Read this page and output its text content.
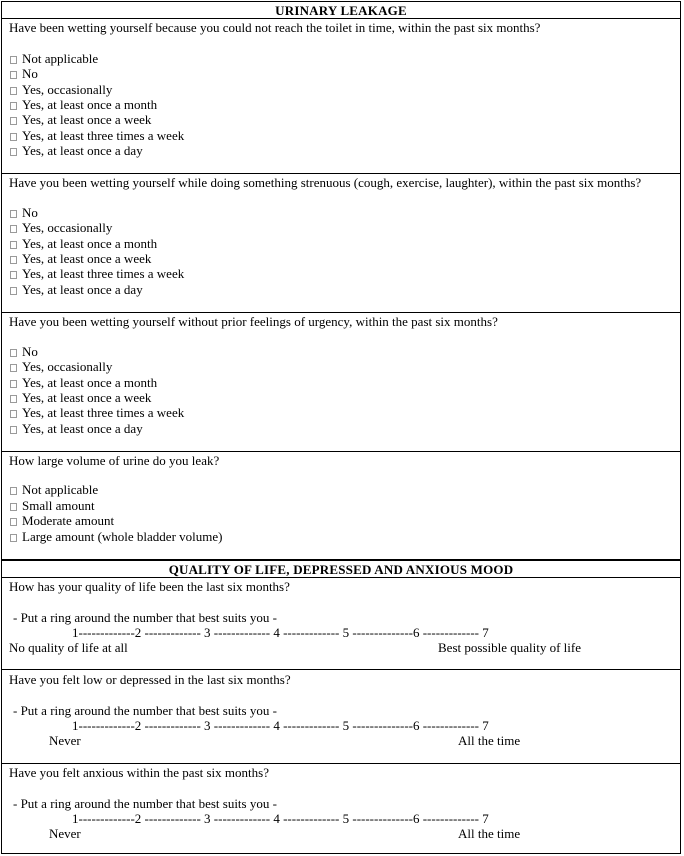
URINARY LEAKAGE
Have been wetting yourself because you could not reach the toilet in time, within the past six months?
Not applicable
No
Yes, occasionally
Yes, at least once a month
Yes, at least once a week
Yes, at least three times a week
Yes, at least once a day
Have you been wetting yourself while doing something strenuous (cough, exercise, laughter), within the past six months?
No
Yes, occasionally
Yes, at least once a month
Yes, at least once a week
Yes, at least three times a week
Yes, at least once a day
Have you been wetting yourself without prior feelings of urgency, within the past six months?
No
Yes, occasionally
Yes, at least once a month
Yes, at least once a week
Yes, at least three times a week
Yes, at least once a day
How large volume of urine do you leak?
Not applicable
Small amount
Moderate amount
Large amount (whole bladder volume)
QUALITY OF LIFE, DEPRESSED AND ANXIOUS MOOD
How has your quality of life been the last six months?
- Put a ring around the number that best suits you -
1-------------2 ------------- 3 ------------- 4 ------------- 5 --------------6 ------------- 7
No quality of life at all	Best possible quality of life
Have you felt low or depressed in the last six months?
- Put a ring around the number that best suits you -
1-------------2 ------------- 3 ------------- 4 ------------- 5 --------------6 ------------- 7
Never	All the time
Have you felt anxious within the past six months?
- Put a ring around the number that best suits you -
1-------------2 ------------- 3 ------------- 4 ------------- 5 --------------6 ------------- 7
Never	All the time
